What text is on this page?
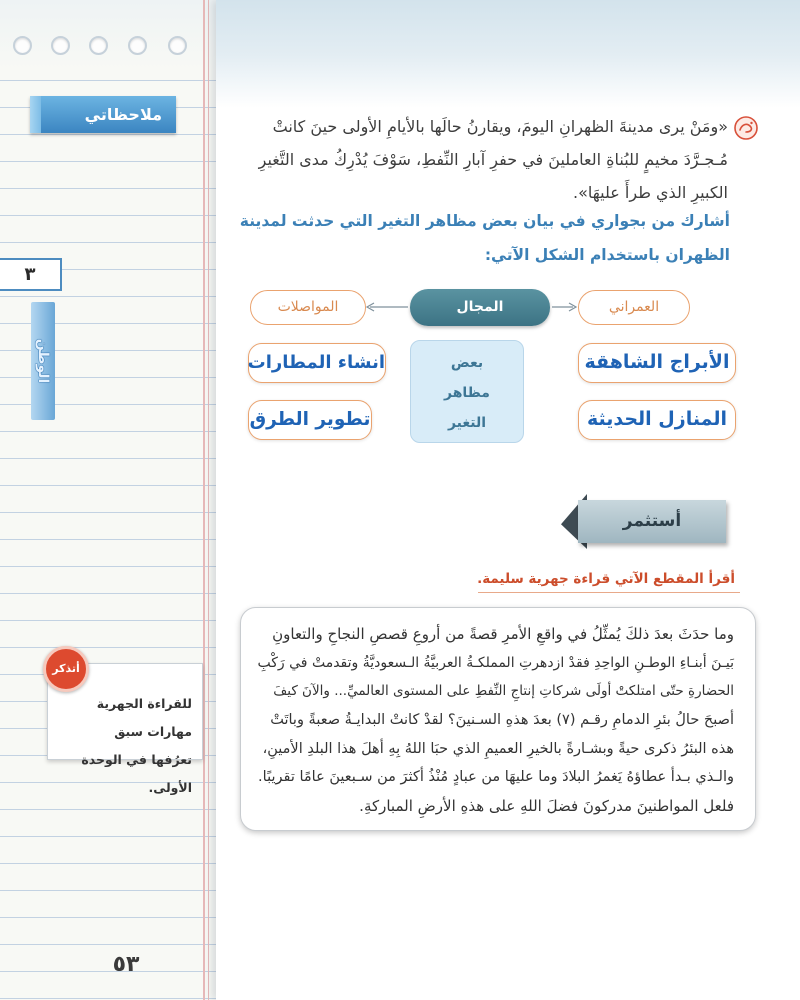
ملاحظاتي
٣
الوطن
للقراءة الجهرية مهارات سبق
تعرُفها في الوحدة الأولى.
أتذكر
٥٣
«ومَنْ يرى مدينةَ الظهرانِ اليومَ، ويقارنُ حالَها بالأيامِ الأولى حينَ كانتْ
مُـجـرَّدَ مخيمٍ للبُناةِ العاملينَ في حفرِ آبارِ النِّفطِ، سَوْفَ يُدْرِكُ مدى التَّغيرِ
الكبيرِ الذي طرأَ عليهَا».
أشارك من بجواري في بيان بعض مظاهر التغير التي حدثت لمدينة
الظهران باستخدام الشكل الآتي:
المجال	العمراني
المواصلات
بعض
مظاهر
التغير
الأبراج الشاهقة
المنازل الحديثة
انشاء المطارات
تطوير الطرق
أستثمر
أقرأ المقطع الآتي قراءة جهرية سليمة.
وما حدَثَ بعدَ ذلكَ يُمثِّلُ في واقعِ الأمرِ قصةً من أروعِ قصصِ النجاحِ والتعاونِ
بَيـنَ أبنـاءِ الوطـنِ الواحِدِ فقدْ ازدهرتِ المملكـةُ العربيَّةُ الـسعوديَّةُ وتقدمتْ في رَكْبِ
الحضارةِ حتّى امتلكتْ أولَى شركاتِ إنتاجِ النِّفطِ على المستوى العالميِّ... والآنَ كيفَ
أصبحَ حالُ بئرِ الدمامِ رقـم (٧) بعدَ هذهِ السـنينَ؟ لقدْ كانتْ البدايـةُ صعبةً وباتَتْ
هذه البئرُ ذكرى حيةً وبشـارةً بالخيرِ العميمِ الذي حبَا اللهُ بِهِ أهلَ هذا البلدِ الأمينِ،
والـذي بـدأ عطاؤهُ يَغمرُ البلادَ وما عليهَا من عبادٍ مُنْذُ أكثرَ من سـبعينَ عامًا تقريبًا.
فلعل المواطنينَ مدركونَ فضلَ اللهِ على هذهِ الأرضِ المباركةِ.
